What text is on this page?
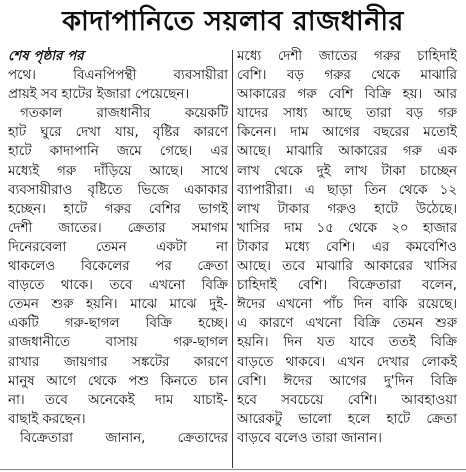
কাদাপানিতে সয়লাব রাজধানীর
শেষ পৃষ্ঠার পর
পথে। বিএনপিপন্থী ব্যবসায়ীরা
প্রায়ই সব হাটের ইজারা পেয়েছেন।
গতকাল রাজধানীর কয়েকটি
হাট ঘুরে দেখা যায়, বৃষ্টির কারণে
হাটে কাদাপানি জমে গেছে। এর
মধ্যেই গরু দাঁড়িয়ে আছে। সাথে
ব্যবসায়ীরাও বৃষ্টিতে ভিজে একাকার
হচ্ছেন। হাটে গরুর বেশির ভাগই
দেশী জাতের। ক্রেতার সমাগম
দিনেরবেলা তেমন একটা না
থাকলেও বিকেলের পর ক্রেতা
বাড়তে থাকে। তবে এখনো বিক্রি
তেমন শুরু হয়নি। মাঝে মাঝে দুই-
একটি গরু-ছাগল বিক্রি হচ্ছে।
রাজধানীতে বাসায় গরু-ছাগল
রাখার জায়গার সঙ্কটের কারণে
মানুষ আগে থেকে পশু কিনতে চান
না। তবে অনেকেই দাম যাচাই-
বাছাই করছেন।
বিক্রেতারা জানান, ক্রেতাদের
মধ্যে দেশী জাতের গরুর চাহিদাই
বেশি। বড় গরুর থেকে মাঝারি
আকারের গরু বেশি বিক্রি হয়। আর
যাদের সাধ্য আছে তারা বড় গরু
কিনেন। দাম আগের বছরের মতোই
আছে। মাঝারি আকারের গরু এক
লাখ থেকে দুই লাখ টাকা চাচ্ছেন
ব্যাপারীরা। এ ছাড়া তিন থেকে ১২
লাখ টাকার গরুও হাটে উঠেছে।
খাসির দাম ১৫ থেকে ২০ হাজার
টাকার মধ্যে বেশি। এর কমবেশিও
আছে। তবে মাঝারি আকারের খাসির
চাহিদাই বেশি। বিক্রেতারা বলেন,
ঈদের এখনো পাঁচ দিন বাকি রয়েছে।
এ কারণে এখনো বিক্রি তেমন শুরু
হয়নি। দিন যত যাবে ততই বিক্রি
বাড়তে থাকবে। এখন দেখার লোকই
বেশি। ঈদের আগের দু'দিন বিক্রি
হবে সবচেয়ে বেশি। আবহাওয়া
আরেকটু ভালো হলে হাটে ক্রেতা
বাড়বে বলেও তারা জানান।
